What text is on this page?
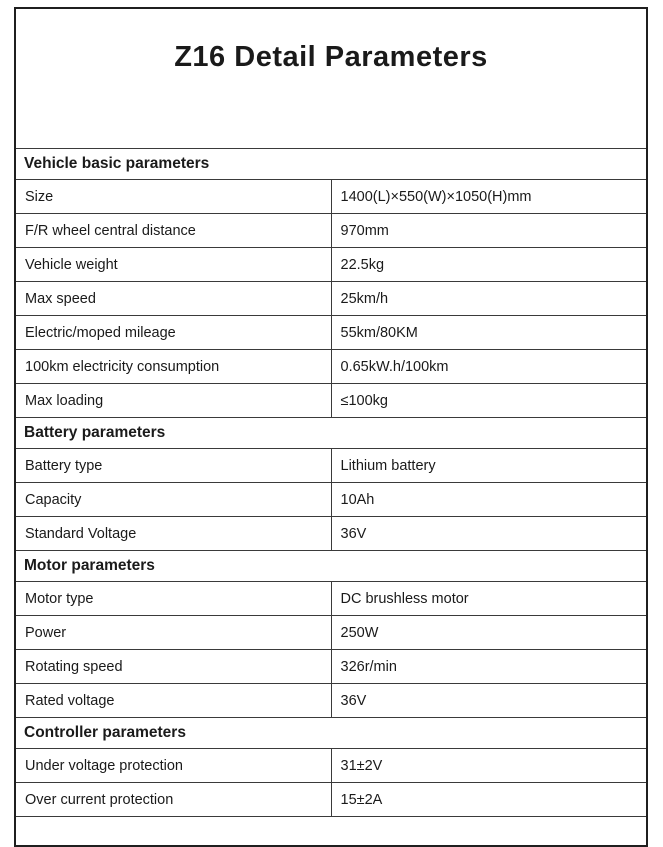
Z16 Detail Parameters
Vehicle basic parameters	
Size	1400(L)×550(W)×1050(H)mm
F/R wheel central distance	970mm
Vehicle weight	22.5kg
Max speed	25km/h
Electric/moped mileage	55km/80KM
100km electricity consumption	0.65kW.h/100km
Max loading	≤100kg
Battery parameters	
Battery type	Lithium battery
Capacity	10Ah
Standard Voltage	36V
Motor parameters	
Motor type	DC brushless motor
Power	250W
Rotating speed	326r/min
Rated voltage	36V
Controller parameters	
Under voltage protection	31±2V
Over current protection	15±2A
